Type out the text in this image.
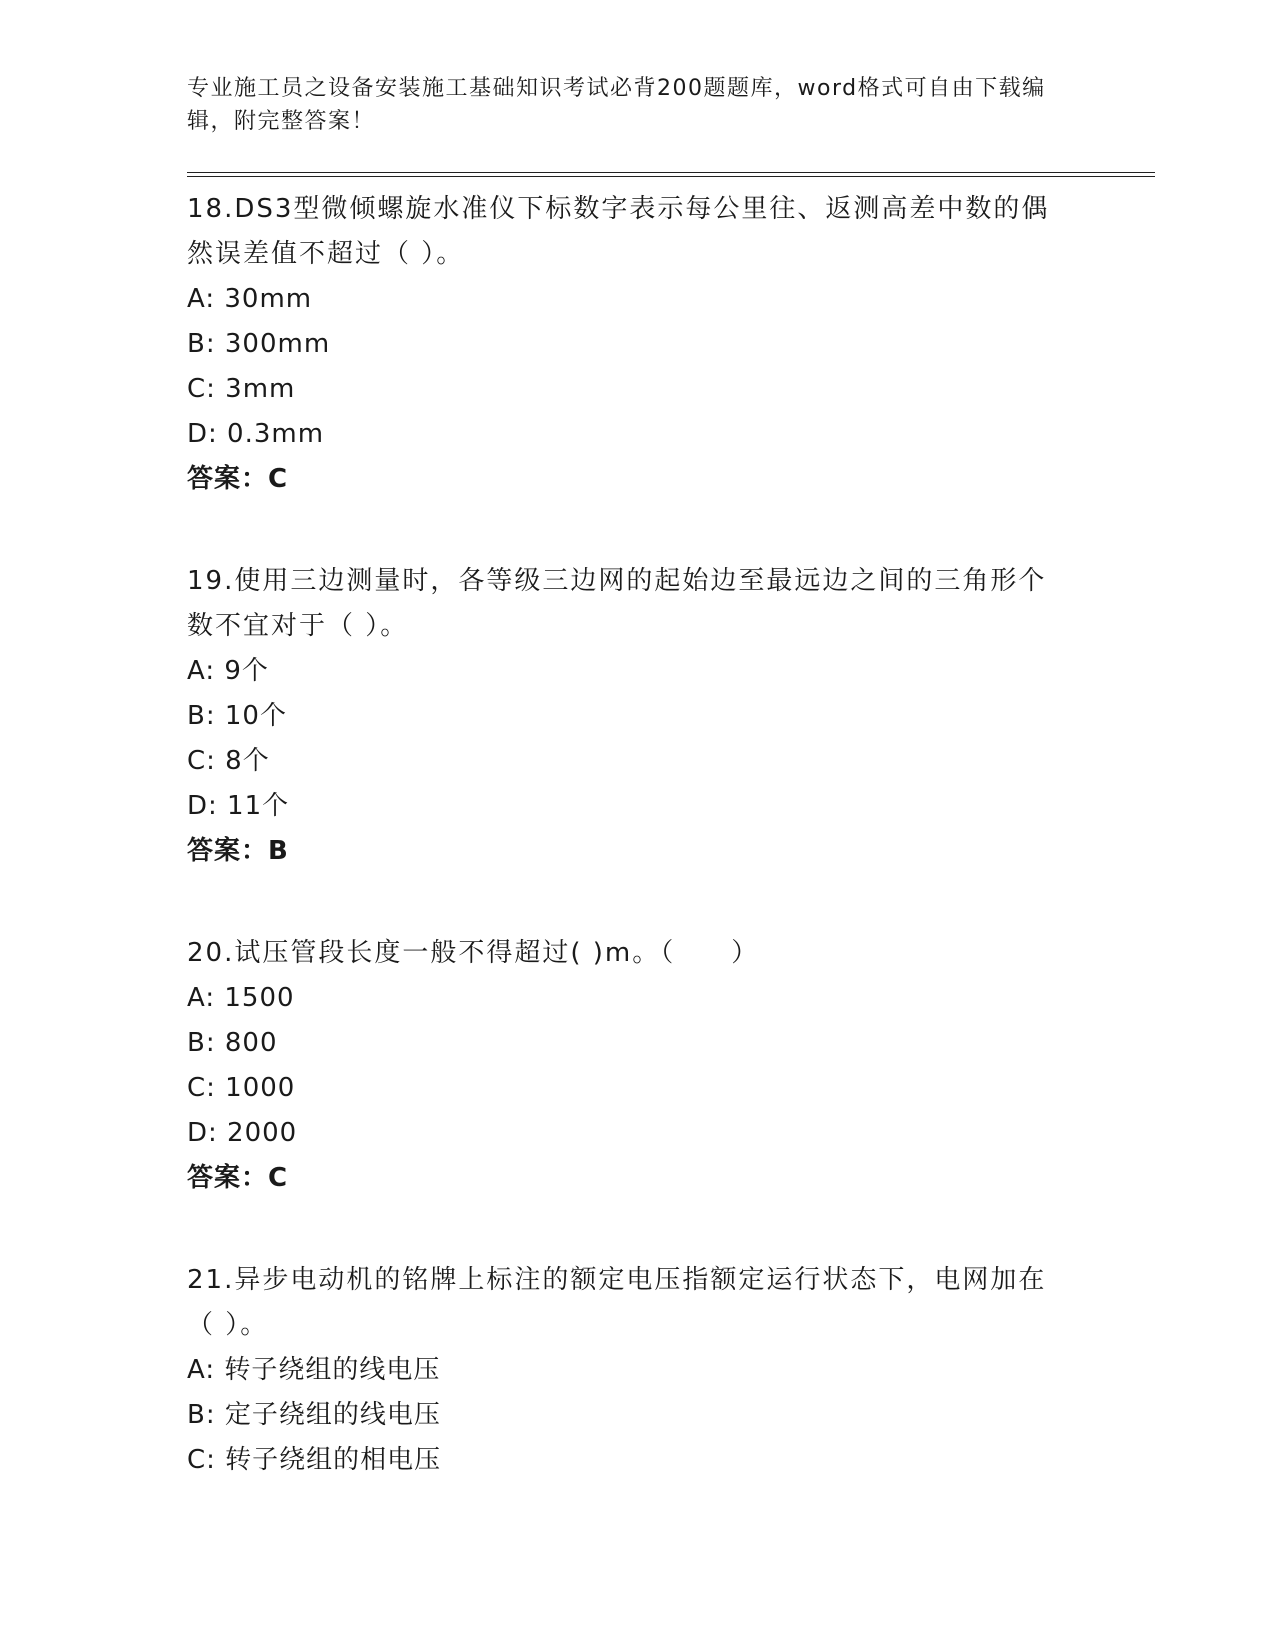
专业施工员之设备安装施工基础知识考试必背200题题库，word格式可自由下载编辑，附完整答案！

18.DS3型微倾螺旋水准仪下标数字表示每公里往、返测高差中数的偶然误差值不超过（ ）。

A: 30mm

B: 300mm

C: 3mm

D: 0.3mm

答案：C

19.使用三边测量时，各等级三边网的起始边至最远边之间的三角形个数不宜对于（ ）。

A: 9个

B: 10个

C: 8个

D: 11个

答案：B

20.试压管段长度一般不得超过( )m。（　　）

A: 1500

B: 800

C: 1000

D: 2000

答案：C

21.异步电动机的铭牌上标注的额定电压指额定运行状态下，电网加在（ ）。

A: 转子绕组的线电压

B: 定子绕组的线电压

C: 转子绕组的相电压
